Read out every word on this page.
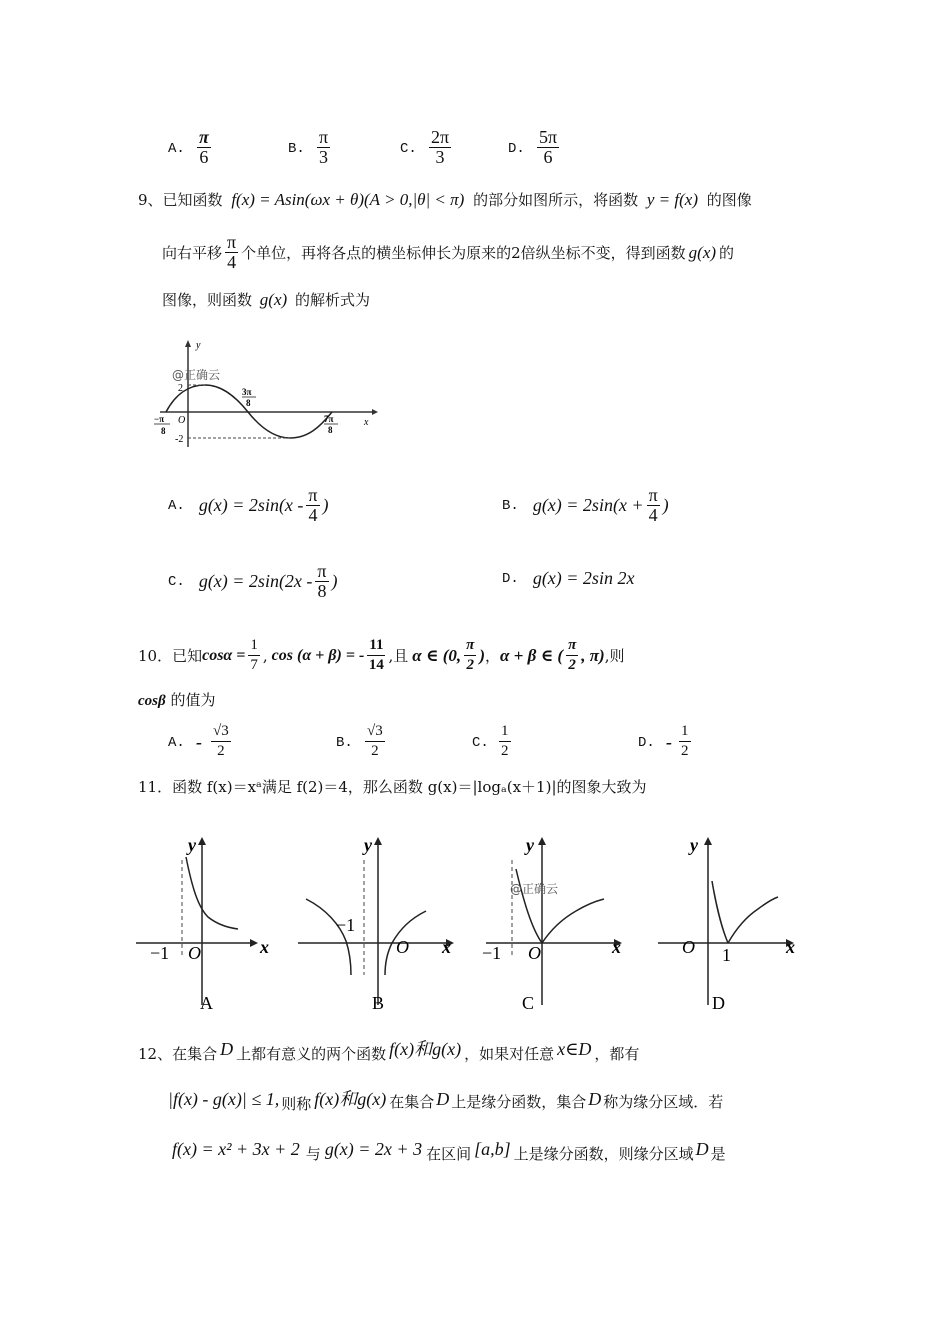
A. $\frac{\pi}{6}$	B. $\frac{\pi}{3}$	C. $\frac{2\pi}{3}$	D. $\frac{5\pi}{6}$
9、已知函数 f(x) = Asin(ωx + θ)(A > 0,|θ| < π) 的部分如图所示，将函数 y = f(x) 的图像
向右平移 $\frac{\pi}{4}$ 个单位，再将各点的横坐标伸长为原来的2倍纵坐标不变，得到函数 g(x) 的
图像，则函数 g(x) 的解析式为
y
x
@正确云
2
-2
O
3π
8
−π
8
7π
8
A. $g(x) = 2\sin(x - \frac{\pi}{4}$ )	B. $g(x) = 2\sin(x + \frac{\pi}{4}$ )
C. $g(x) = 2\sin(2x - \frac{\pi}{8}$ )	D. g(x) = 2sin 2x
10．已知 $\cos\alpha = \frac{1}{7}$ , cos (α + β) = - $\frac{11}{14}$ ,且 α ∈ (0, $\frac{\pi}{2}$ ) ， α + β ∈ ( $\frac{\pi}{2}$ , π) ,则
cosβ 的值为
A. - $\frac{√3}{2}$	B. $\frac{√3}{2}$	C. $\frac{1}{2}$	D. - $\frac{1}{2}$
11．函数 f(x)＝xᵃ满足 f(2)＝4，那么函数 g(x)＝|logₐ(x＋1)|的图象大致为
y
x
−1 O
A
y
x
−1
O
B
@正确云
y
x
−1 O
C
y
x
O 1
D
12、在集合 D 上都有意义的两个函数 f(x)和g(x) ，如果对任意 x∈D ，都有
|f(x) - g(x)| ≤ 1, 则称 f(x)和g(x) 在集合 D 上是缘分函数，集合 D 称为缘分区域．若
f(x) = x² + 3x + 2 与 g(x) = 2x + 3 在区间 [a,b] 上是缘分函数，则缘分区域 D 是
